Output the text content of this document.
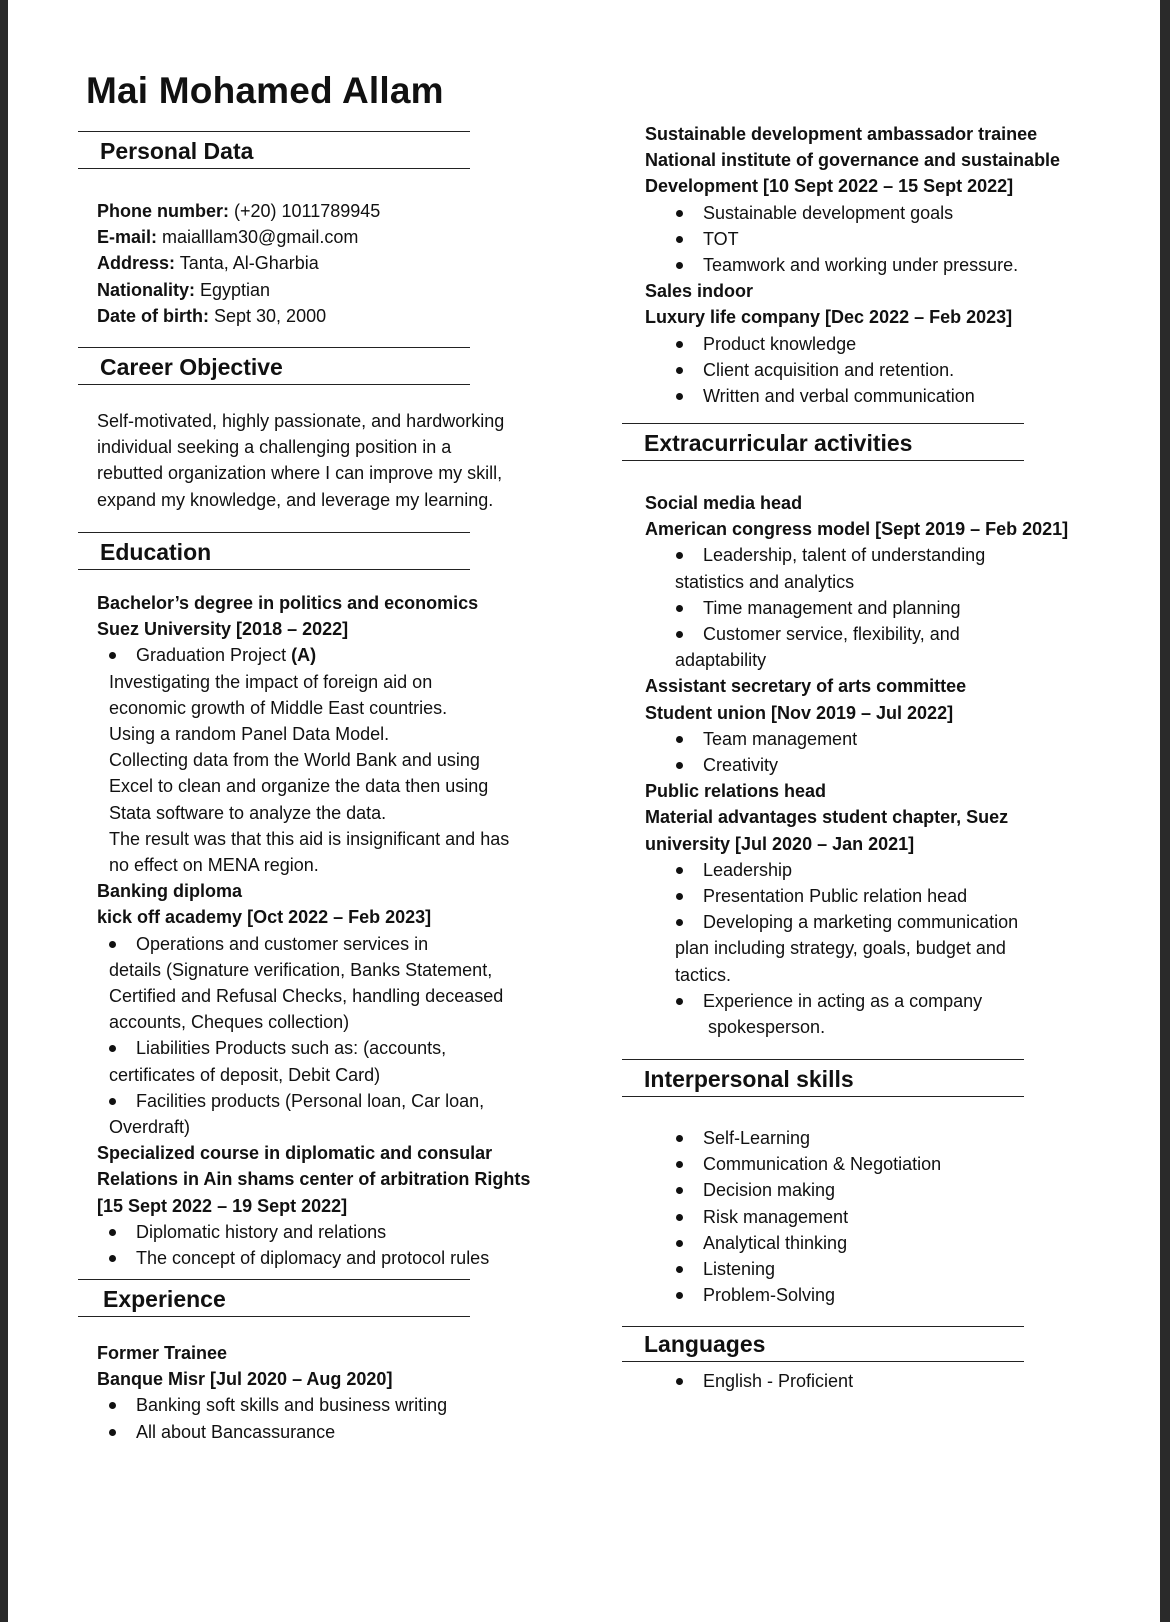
Mai Mohamed Allam
Personal Data
Phone number: (+20) 1011789945
E-mail: maialllam30@gmail.com
Address: Tanta, Al-Gharbia
Nationality: Egyptian
Date of birth: Sept 30, 2000
Career Objective
Self-motivated, highly passionate, and hardworking
individual seeking a challenging position in a
rebutted organization where I can improve my skill,
expand my knowledge, and leverage my learning.
Education
Bachelor’s degree in politics and economics
Suez University [2018 – 2022]
Graduation Project (A)
Investigating the impact of foreign aid on
economic growth of Middle East countries.
Using a random Panel Data Model.
Collecting data from the World Bank and using
Excel to clean and organize the data then using
Stata software to analyze the data.
The result was that this aid is insignificant and has
no effect on MENA region.
Banking diploma
kick off academy [Oct 2022 – Feb 2023]
Operations and customer services in
details (Signature verification, Banks Statement,
Certified and Refusal Checks, handling deceased
accounts, Cheques collection)
Liabilities Products such as: (accounts,
certificates of deposit, Debit Card)
Facilities products (Personal loan, Car loan,
Overdraft)
Specialized course in diplomatic and consular
Relations in Ain shams center of arbitration Rights
[15 Sept 2022 – 19 Sept 2022]
Diplomatic history and relations
The concept of diplomacy and protocol rules
Experience
Former Trainee
Banque Misr [Jul 2020 – Aug 2020]
Banking soft skills and business writing
All about Bancassurance
Sustainable development ambassador trainee
National institute of governance and sustainable
Development [10 Sept 2022 – 15 Sept 2022]
Sustainable development goals
TOT
Teamwork and working under pressure.
Sales indoor
Luxury life company [Dec 2022 – Feb 2023]
Product knowledge
Client acquisition and retention.
Written and verbal communication
Extracurricular activities
Social media head
American congress model [Sept 2019 – Feb 2021]
Leadership, talent of understanding
statistics and analytics
Time management and planning
Customer service, flexibility, and
adaptability
Assistant secretary of arts committee
Student union [Nov 2019 – Jul 2022]
Team management
Creativity
Public relations head
Material advantages student chapter, Suez
university [Jul 2020 – Jan 2021]
Leadership
Presentation Public relation head
Developing a marketing communication
plan including strategy, goals, budget and
tactics.
Experience in acting as a company
spokesperson.
Interpersonal skills
Self-Learning
Communication & Negotiation
Decision making
Risk management
Analytical thinking
Listening
Problem-Solving
Languages
English - Proficient
